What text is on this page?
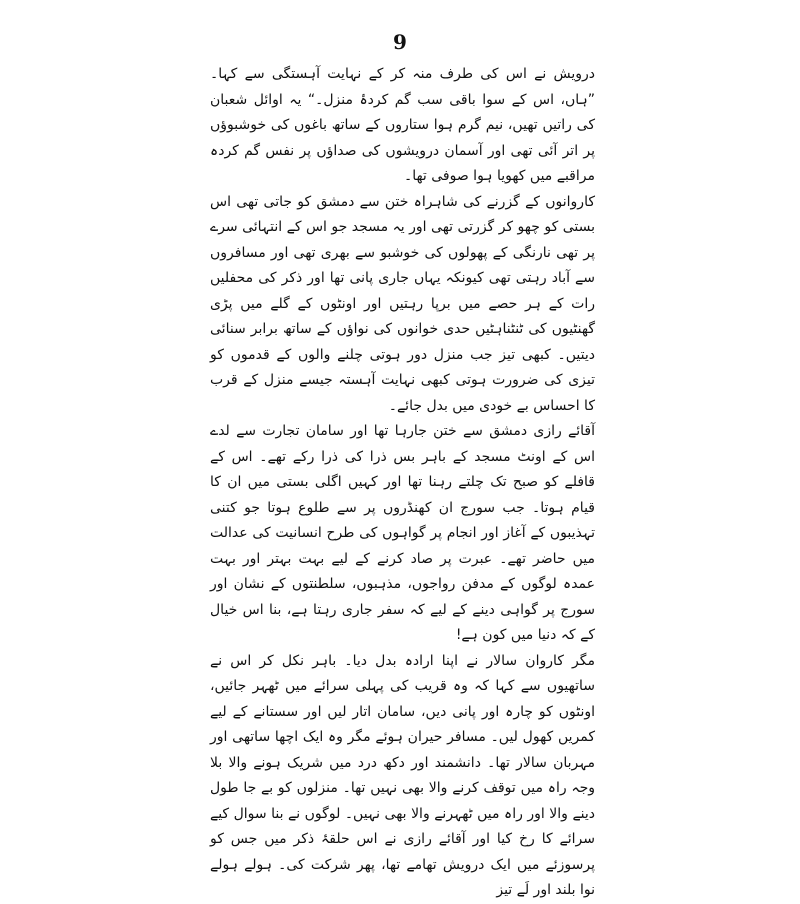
9

درویش نے اس کی طرف منہ کر کے نہایت آہستگی سے کہا۔ ”ہاں، اس کے سوا باقی سب گم کردۂ منزل۔“ یہ اوائل شعبان کی راتیں تھیں، نیم گرم ہوا ستاروں کے ساتھ باغوں کی خوشبوؤں پر اتر آئی تھی اور آسمان درویشوں کی صداؤں پر نفس گم کردہ مراقبے میں کھویا ہوا صوفی تھا۔

کاروانوں کے گزرنے کی شاہراہ ختن سے دمشق کو جاتی تھی اس بستی کو چھو کر گزرتی تھی اور یہ مسجد جو اس کے انتہائی سرے پر تھی نارنگی کے پھولوں کی خوشبو سے بھری تھی اور مسافروں سے آباد رہتی تھی کیونکہ یہاں جاری پانی تھا اور ذکر کی محفلیں رات کے ہر حصے میں برپا رہتیں اور اونٹوں کے گلے میں پڑی گھنٹیوں کی ٹنٹناہٹیں حدی خوانوں کی نواؤں کے ساتھ برابر سنائی دیتیں۔ کبھی تیز جب منزل دور ہوتی چلنے والوں کے قدموں کو تیزی کی ضرورت ہوتی کبھی نہایت آہستہ جیسے منزل کے قرب کا احساس بے خودی میں بدل جائے۔

آقائے رازی دمشق سے ختن جارہا تھا اور سامان تجارت سے لدے اس کے اونٹ مسجد کے باہر بس ذرا کی ذرا رکے تھے۔ اس کے قافلے کو صبح تک چلتے رہنا تھا اور کہیں اگلی بستی میں ان کا قیام ہوتا۔ جب سورج ان کھنڈروں پر سے طلوع ہوتا جو کتنی تہذیبوں کے آغاز اور انجام پر گواہوں کی طرح انسانیت کی عدالت میں حاضر تھے۔ عبرت پر صاد کرنے کے لیے بہت بہتر اور بہت عمدہ لوگوں کے مدفن رواجوں، مذہبوں، سلطنتوں کے نشان اور سورج پر گواہی دینے کے لیے کہ سفر جاری رہتا ہے، بنا اس خیال کے کہ دنیا میں کون ہے!

مگر کاروان سالار نے اپنا ارادہ بدل دیا۔ باہر نکل کر اس نے ساتھیوں سے کہا کہ وہ قریب کی پہلی سرائے میں ٹھہر جائیں، اونٹوں کو چارہ اور پانی دیں، سامان اتار لیں اور سستانے کے لیے کمریں کھول لیں۔ مسافر حیران ہوئے مگر وہ ایک اچھا ساتھی اور مہربان سالار تھا۔ دانشمند اور دکھ درد میں شریک ہونے والا بلا وجہ راہ میں توقف کرنے والا بھی نہیں تھا۔ منزلوں کو بے جا طول دینے والا اور راہ میں ٹھہرنے والا بھی نہیں۔ لوگوں نے بنا سوال کیے سرائے کا رخ کیا اور آقائے رازی نے اس حلقۂ ذکر میں جس کو پرسوزئے میں ایک درویش تھامے تھا، پھر شرکت کی۔ ہولے ہولے نوا بلند اور لَے تیز
